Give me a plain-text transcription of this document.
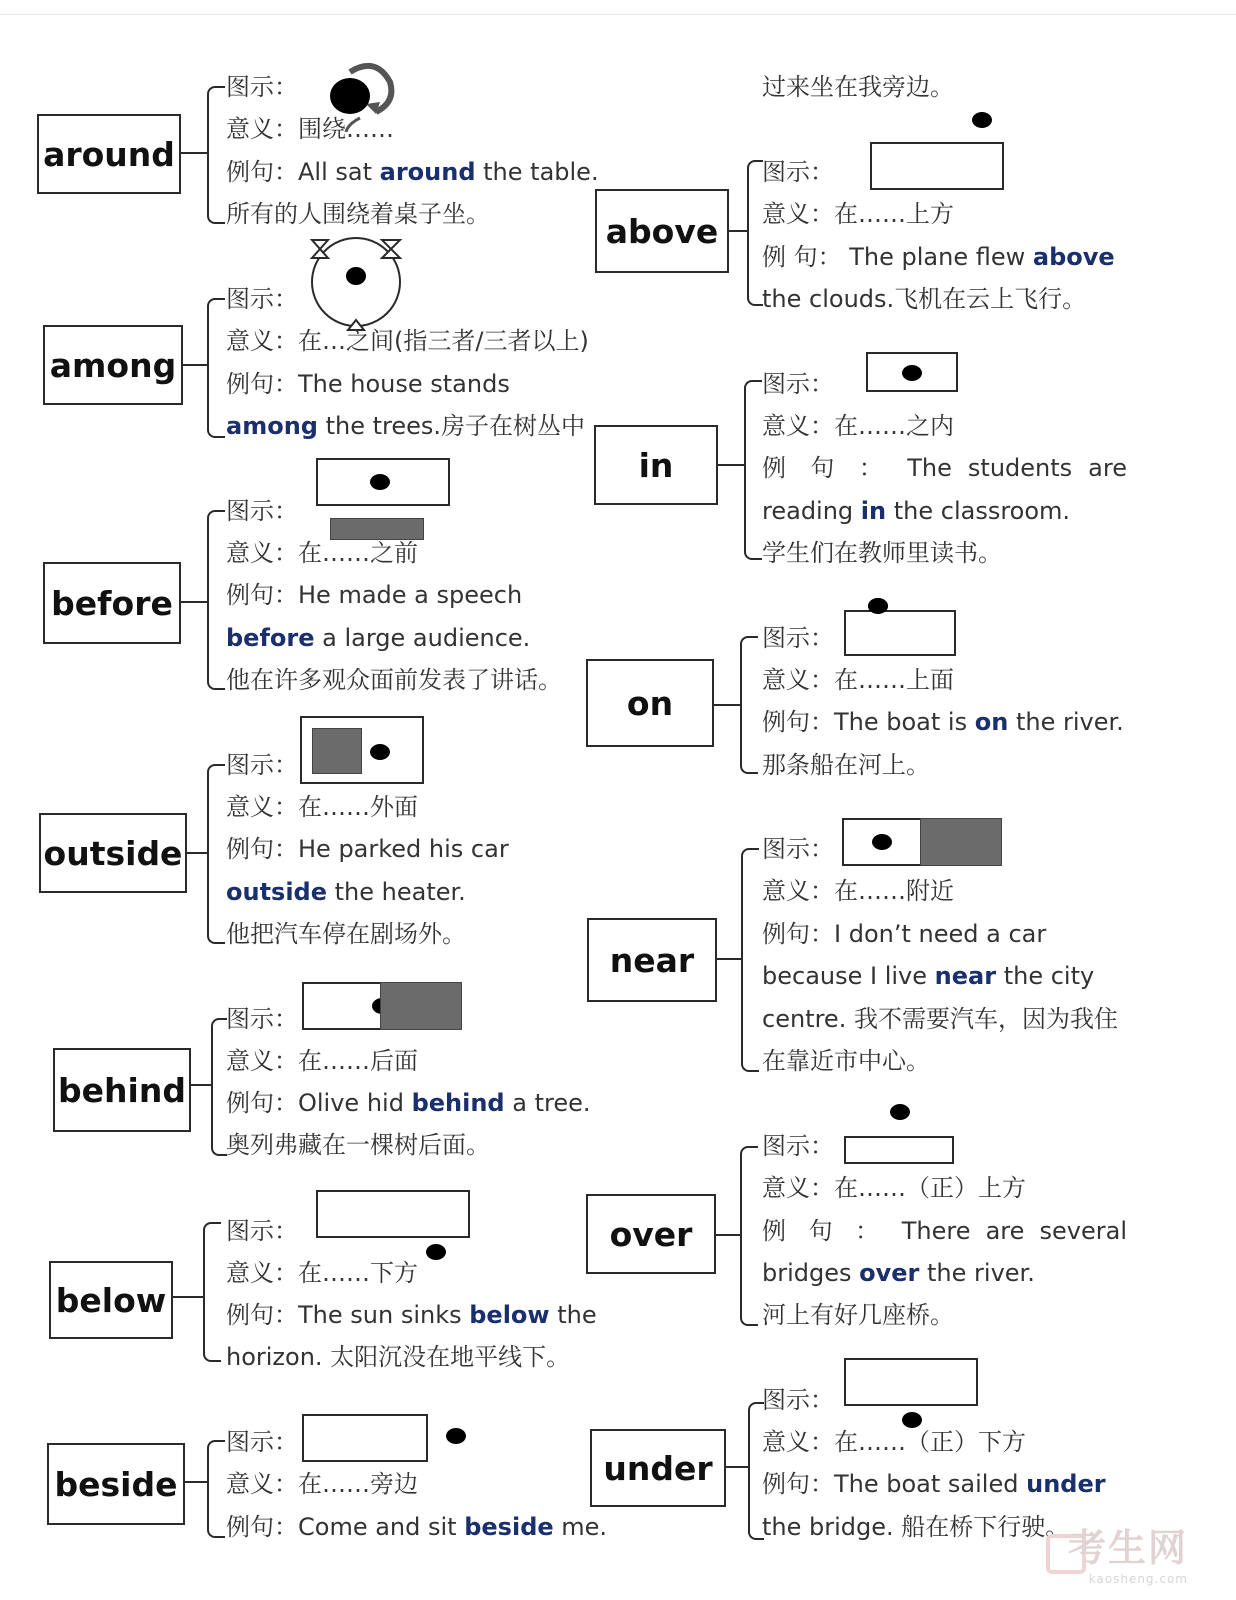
around
图示：
意义：围绕……
例句：All sat around the table.
所有的人围绕着桌子坐。
among
图示：
意义：在…之间(指三者/三者以上)
例句：The house stands
among the trees.房子在树丛中
before
图示：
意义：在……之前
例句：He made a speech
before a large audience.
他在许多观众面前发表了讲话。
outside
图示：
意义：在……外面
例句：He parked his car
outside the heater.
他把汽车停在剧场外。
behind
图示：
意义：在……后面
例句：Olive hid behind a tree.
奥列弗藏在一棵树后面。
below
图示：
意义：在……下方
例句：The sun sinks below the
horizon. 太阳沉没在地平线下。
beside
图示：
意义：在……旁边
例句：Come and sit beside me.
过来坐在我旁边。
above
图示：
意义：在……上方
例 句： The plane flew above
the clouds.飞机在云上飞行。
in
图示：
意义：在……之内
例 句 ： The students are
reading in the classroom.
学生们在教师里读书。
on
图示：
意义：在……上面
例句：The boat is on the river.
那条船在河上。
near
图示：
意义：在……附近
例句：I don’t need a car
because I live near the city
centre. 我不需要汽车，因为我住
在靠近市中心。
over
图示：
意义：在……（正）上方
例 句 ： There are several
bridges over the river.
河上有好几座桥。
under
图示：
意义：在……（正）下方
例句：The boat sailed under
the bridge. 船在桥下行驶。
考生网
kaosheng.com
